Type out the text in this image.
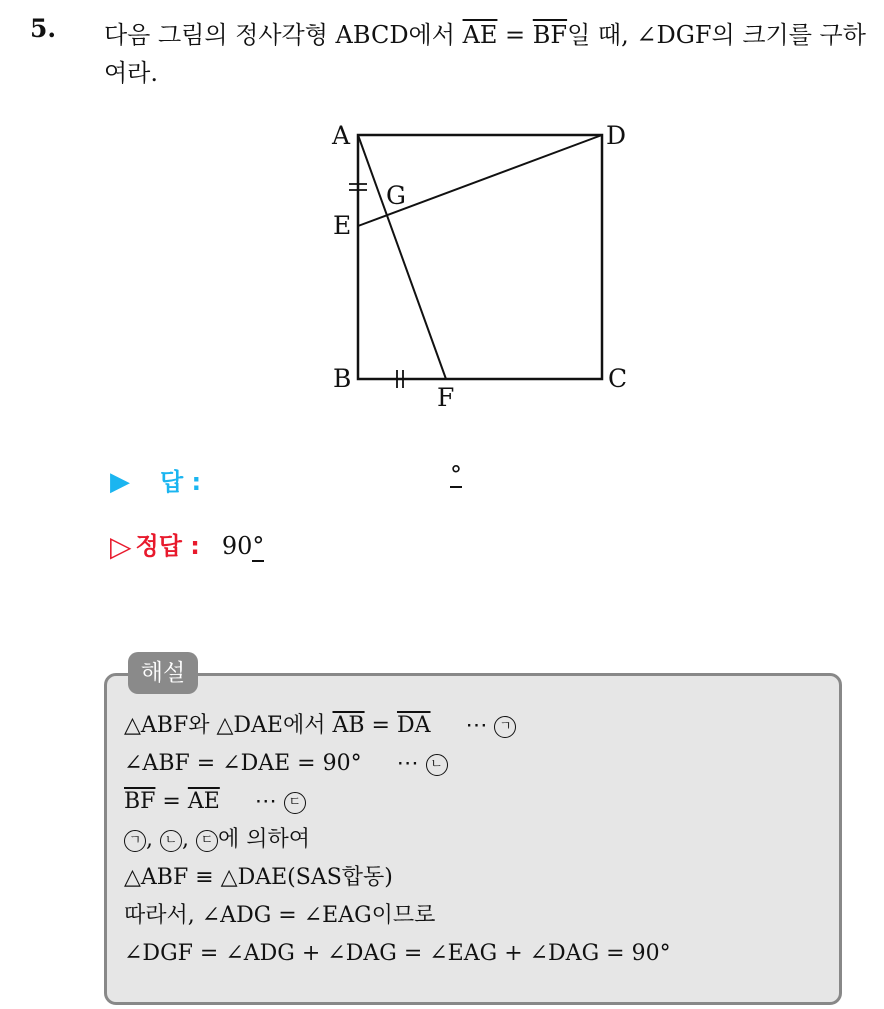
5. 다음 그림의 정사각형 ABCD에서 $\overline{AE} = \overline{BF}$일 때, ∠DGF의 크기를 구하여라.
A	D
G
E
B
F
C
▶ 답 :	°
▷ 정답 : 90°
해설
△ABF와 △DAE에서 $\overline{AB} = \overline{DA}$     ⋯ ㄱ
∠ABF = ∠DAE = 90°     ⋯ ㄴ
$\overline{BF} = \overline{AE}$     ⋯ ㄷ
ㄱ , ㄴ , ㄷ 에 의하여
△ABF ≡ △DAE(SAS합동)
따라서, ∠ADG = ∠EAG이므로
∠DGF = ∠ADG + ∠DAG = ∠EAG + ∠DAG = 90°
